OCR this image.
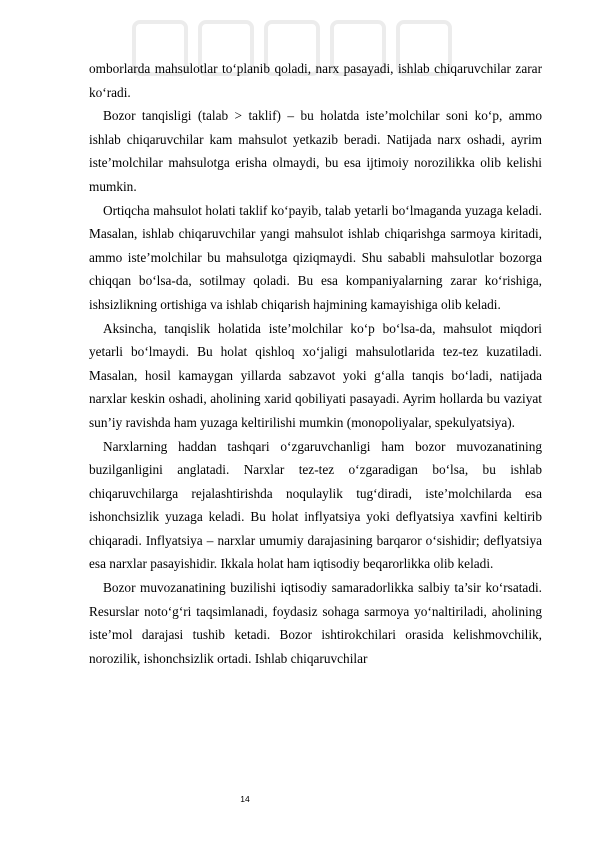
omborlarda mahsulotlar to‘planib qoladi, narx pasayadi, ishlab chiqaruvchilar zarar ko‘radi.

Bozor tanqisligi (talab > taklif) – bu holatda iste’molchilar soni ko‘p, ammo ishlab chiqaruvchilar kam mahsulot yetkazib beradi. Natijada narx oshadi, ayrim iste’molchilar mahsulotga erisha olmaydi, bu esa ijtimoiy norozilikka olib kelishi mumkin.

Ortiqcha mahsulot holati taklif ko‘payib, talab yetarli bo‘lmaganda yuzaga keladi. Masalan, ishlab chiqaruvchilar yangi mahsulot ishlab chiqarishga sarmoya kiritadi, ammo iste’molchilar bu mahsulotga qiziqmaydi. Shu sababli mahsulotlar bozorga chiqqan bo‘lsa-da, sotilmay qoladi. Bu esa kompaniyalarning zarar ko‘rishiga, ishsizlikning ortishiga va ishlab chiqarish hajmining kamayishiga olib keladi.

Aksincha, tanqislik holatida iste’molchilar ko‘p bo‘lsa-da, mahsulot miqdori yetarli bo‘lmaydi. Bu holat qishloq xo‘jaligi mahsulotlarida tez-tez kuzatiladi. Masalan, hosil kamaygan yillarda sabzavot yoki g‘alla tanqis bo‘ladi, natijada narxlar keskin oshadi, aholining xarid qobiliyati pasayadi. Ayrim hollarda bu vaziyat sun’iy ravishda ham yuzaga keltirilishi mumkin (monopoliyalar, spekulyatsiya).

Narxlarning haddan tashqari o‘zgaruvchanligi ham bozor muvozanatining buzilganligini anglatadi. Narxlar tez-tez o‘zgaradigan bo‘lsa, bu ishlab chiqaruvchilarga rejalashtirishda noqulaylik tug‘diradi, iste’molchilarda esa ishonchsizlik yuzaga keladi. Bu holat inflyatsiya yoki deflyatsiya xavfini keltirib chiqaradi. Inflyatsiya – narxlar umumiy darajasining barqaror o‘sishidir; deflyatsiya esa narxlar pasayishidir. Ikkala holat ham iqtisodiy beqarorlikka olib keladi.

Bozor muvozanatining buzilishi iqtisodiy samaradorlikka salbiy ta’sir ko‘rsatadi. Resurslar noto‘g‘ri taqsimlanadi, foydasiz sohaga sarmoya yo‘naltiriladi, aholining iste’mol darajasi tushib ketadi. Bozor ishtirokchilari orasida kelishmovchilik, norozilik, ishonchsizlik ortadi. Ishlab chiqaruvchilar

14
